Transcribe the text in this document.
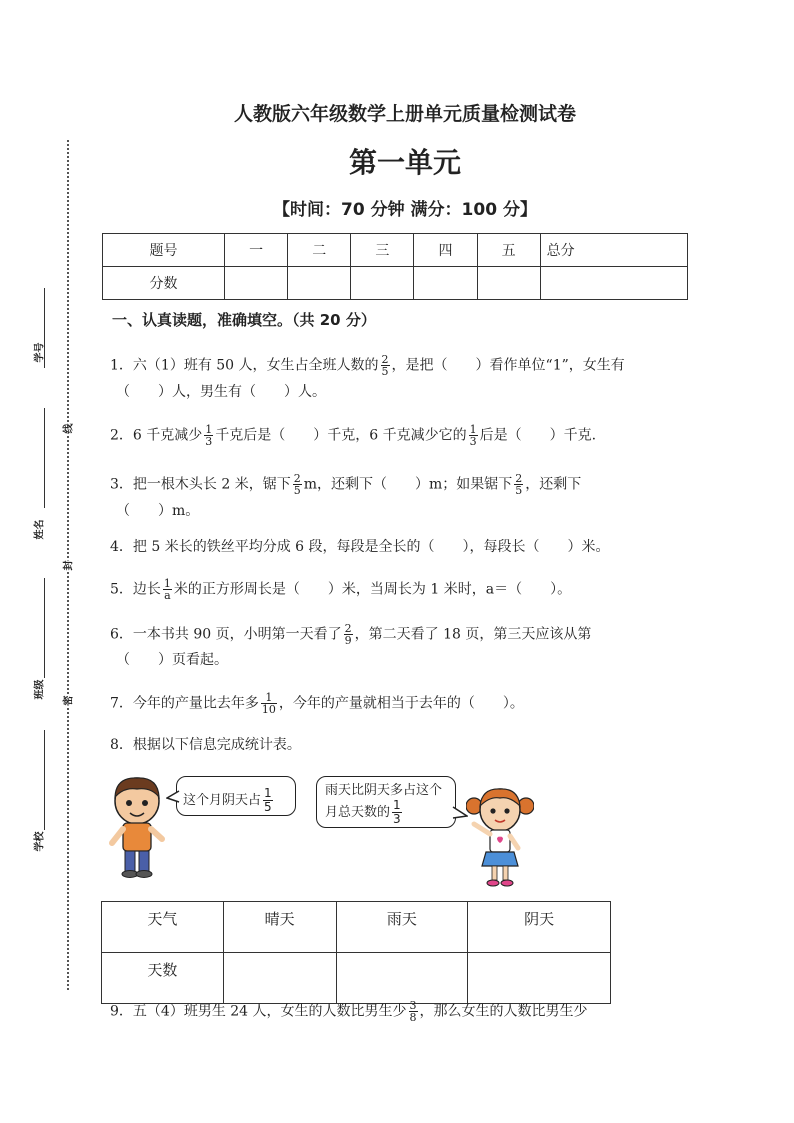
学号
姓名
班级
学校
线
封
密
人教版六年级数学上册单元质量检测试卷
第一单元
【时间：70 分钟 满分：100 分】
题号	一	二	三	四	五	总分
分数						
一、认真读题，准确填空。（共 20 分）
1．六（1）班有 50 人，女生占全班人数的 $\frac{2}{5}$ ，是把（　　）看作单位“1”，女生有
（　　）人，男生有（　　）人。
2．6 千克减少 $\frac{1}{3}$ 千克后是（　　）千克，6 千克减少它的 $\frac{1}{3}$ 后是（　　）千克.
3．把一根木头长 2 米，锯下 $\frac{2}{5}$ m，还剩下（　　）m；如果锯下 $\frac{2}{5}$ ，还剩下
（　　）m。
4．把 5 米长的铁丝平均分成 6 段，每段是全长的（　　），每段长（　　）米。
5．边长 $\frac{1}{a}$ 米的正方形周长是（　　）米，当周长为 1 米时，a＝（　　）。
6．一本书共 90 页，小明第一天看了 $\frac{2}{9}$ ，第二天看了 18 页，第三天应该从第
（　　）页看起。
7．今年的产量比去年多 $\frac{1}{10}$ ，今年的产量就相当于去年的（　　）。
8．根据以下信息完成统计表。
这个月阴天占 $\frac{1}{5}$	雨天比阴天多占这个
月总天数的 $\frac{1}{3}$
天气	晴天	雨天	阴天
天数			
9．五（4）班男生 24 人，女生的人数比男生少 $\frac{3}{8}$ ，那么女生的人数比男生少
